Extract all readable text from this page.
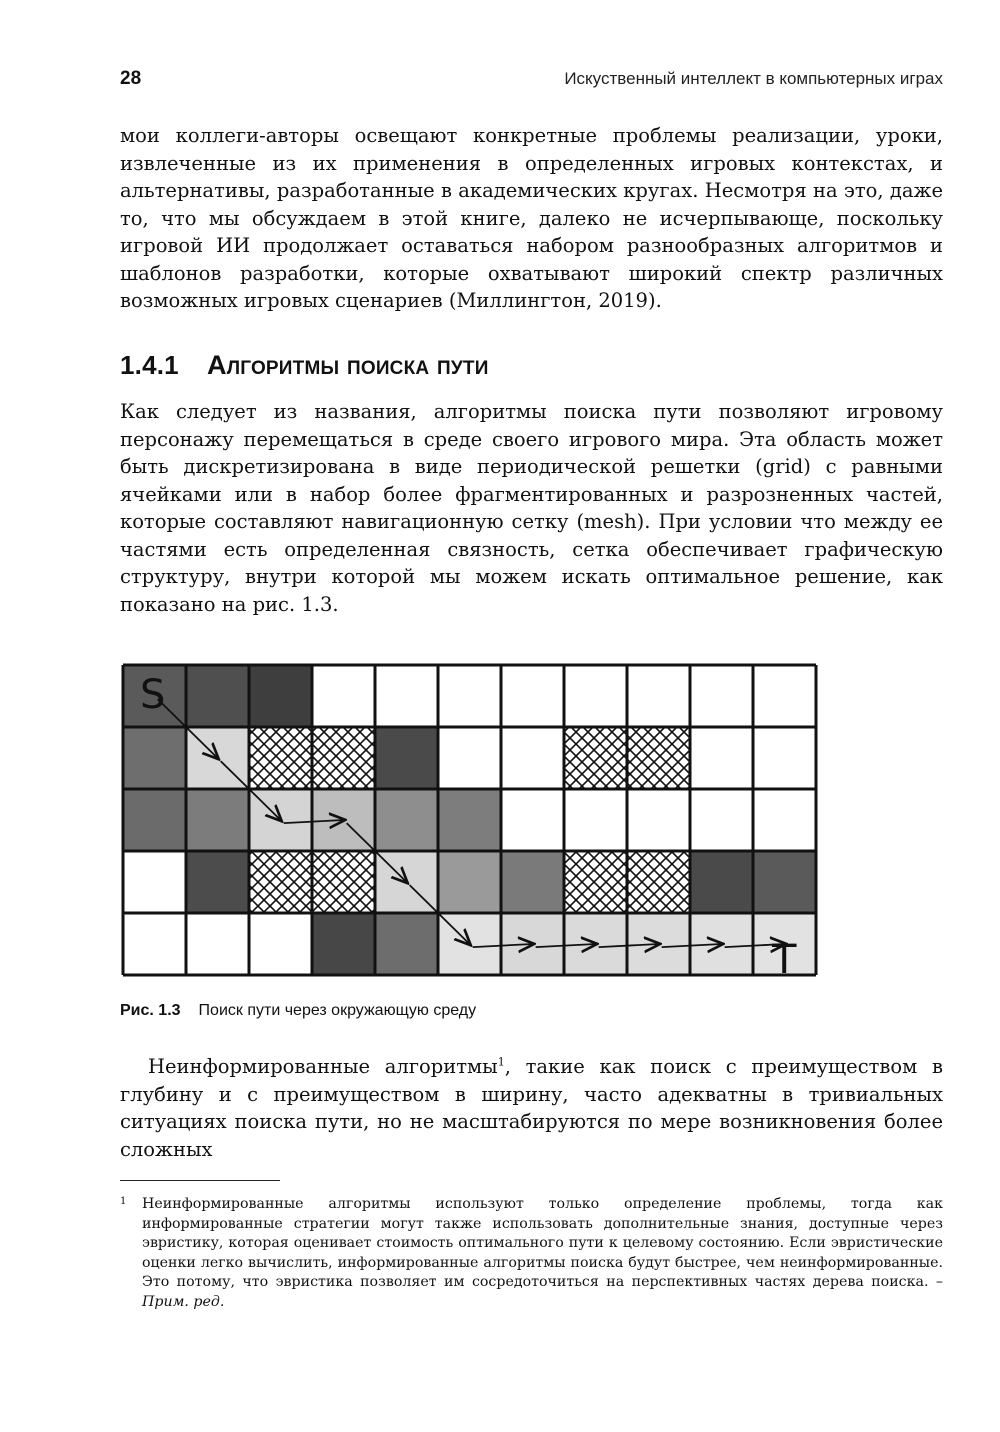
28	Искуственный интеллект в компьютерных играх

мои коллеги-авторы освещают конкретные проблемы реализации, уроки, извлеченные из их применения в определенных игровых контекстах, и альтернативы, разработанные в академических кругах. Несмотря на это, даже то, что мы обсуждаем в этой книге, далеко не исчерпывающе, поскольку игровой ИИ продолжает оставаться набором разнообразных алгоритмов и шаблонов разработки, которые охватывают широкий спектр различных возможных игровых сценариев (Миллингтон, 2019).

1.4.1 Алгоритмы поиска пути

Как следует из названия, алгоритмы поиска пути позволяют игровому персонажу перемещаться в среде своего игрового мира. Эта область может быть дискретизирована в виде периодической решетки (grid) с равными ячейками или в набор более фрагментированных и разрозненных частей, которые составляют навигационную сетку (mesh). При условии что между ее частями есть определенная связность, сетка обеспечивает графическую структуру, внутри которой мы можем искать оптимальное решение, как показано на рис. 1.3.

S
T
Рис. 1.3 Поиск пути через окружающую среду

Неинформированные алгоритмы$^1$, такие как поиск с преимуществом в глубину и с преимуществом в ширину, часто адекватны в тривиальных ситуациях поиска пути, но не масштабируются по мере возникновения более сложных

1	Неинформированные алгоритмы используют только определение проблемы, тогда как информированные стратегии могут также использовать дополнительные знания, доступные через эвристику, которая оценивает стоимость оптимального пути к целевому состоянию. Если эвристические оценки легко вычислить, информированные алгоритмы поиска будут быстрее, чем неинформированные. Это потому, что эвристика позволяет им сосредоточиться на перспективных частях дерева поиска. – Прим. ред.
